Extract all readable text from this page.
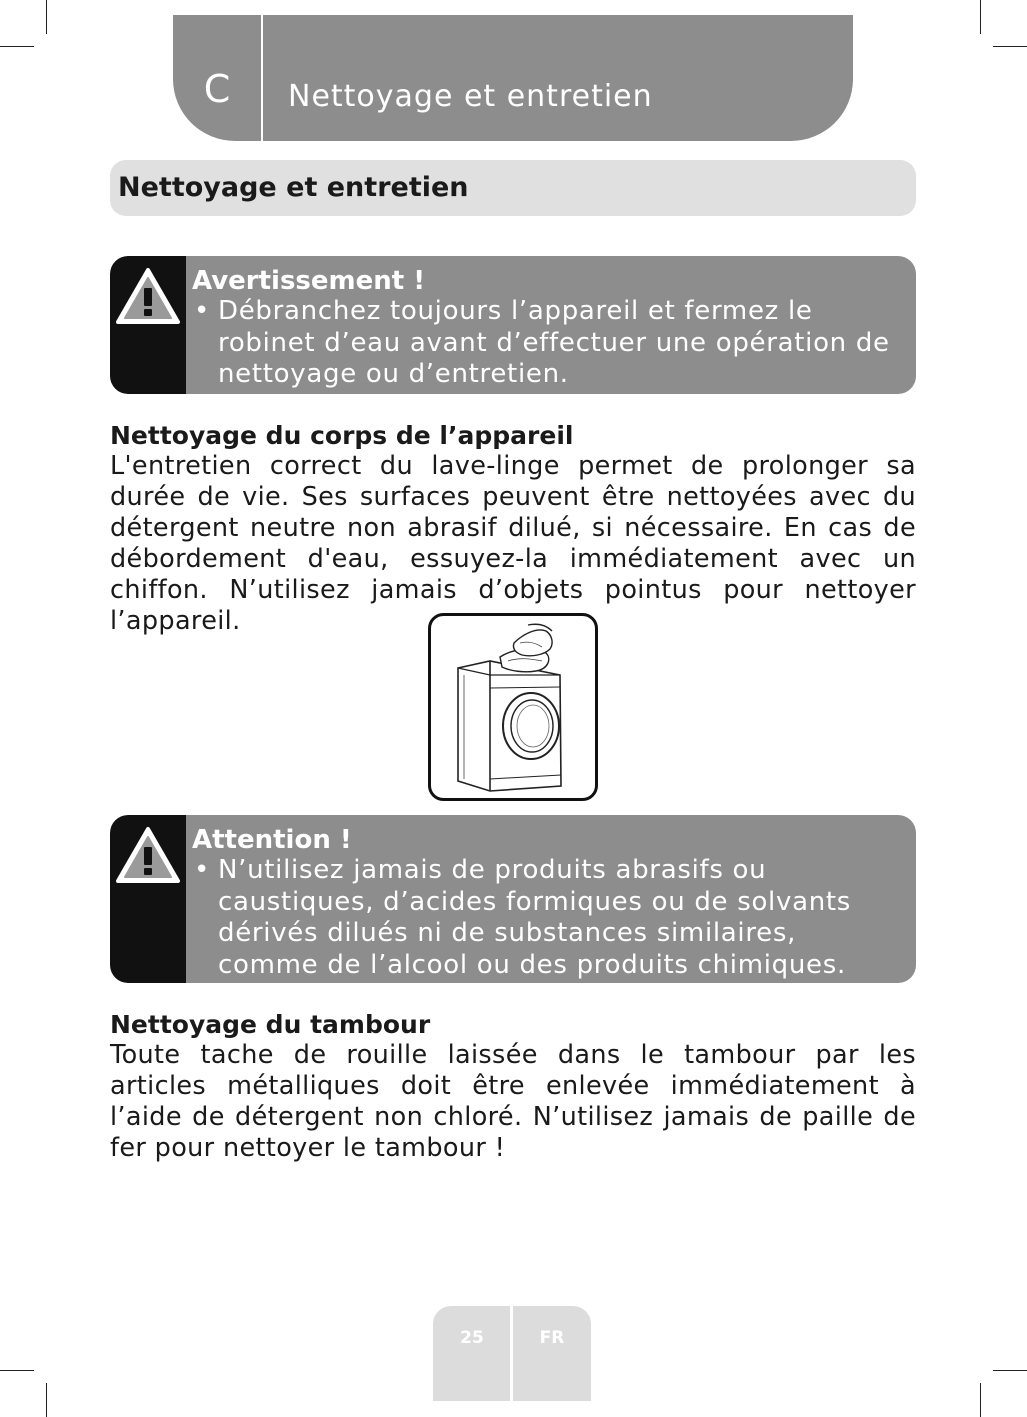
C	Nettoyage et entretien
Nettoyage et entretien
Avertissement !
• Débranchez toujours l’appareil et fermez le robinet d’eau avant d’effectuer une opération de nettoyage ou d’entretien.
Nettoyage du corps de l’appareil
L'entretien correct du lave-linge permet de prolonger sa durée de vie. Ses surfaces peuvent être nettoyées avec du détergent neutre non abrasif dilué, si nécessaire. En cas de débordement d'eau, essuyez-la immédiatement avec un chiffon. N’utilisez jamais d’objets pointus pour nettoyer l’appareil.
Attention !
• N’utilisez jamais de produits abrasifs ou caustiques, d’acides formiques ou de solvants dérivés dilués ni de substances similaires, comme de l’alcool ou des produits chimiques.
Nettoyage du tambour
Toute tache de rouille laissée dans le tambour par les articles métalliques doit être enlevée immédiatement à l’aide de détergent non chloré. N’utilisez jamais de paille de fer pour nettoyer le tambour !
25	FR
